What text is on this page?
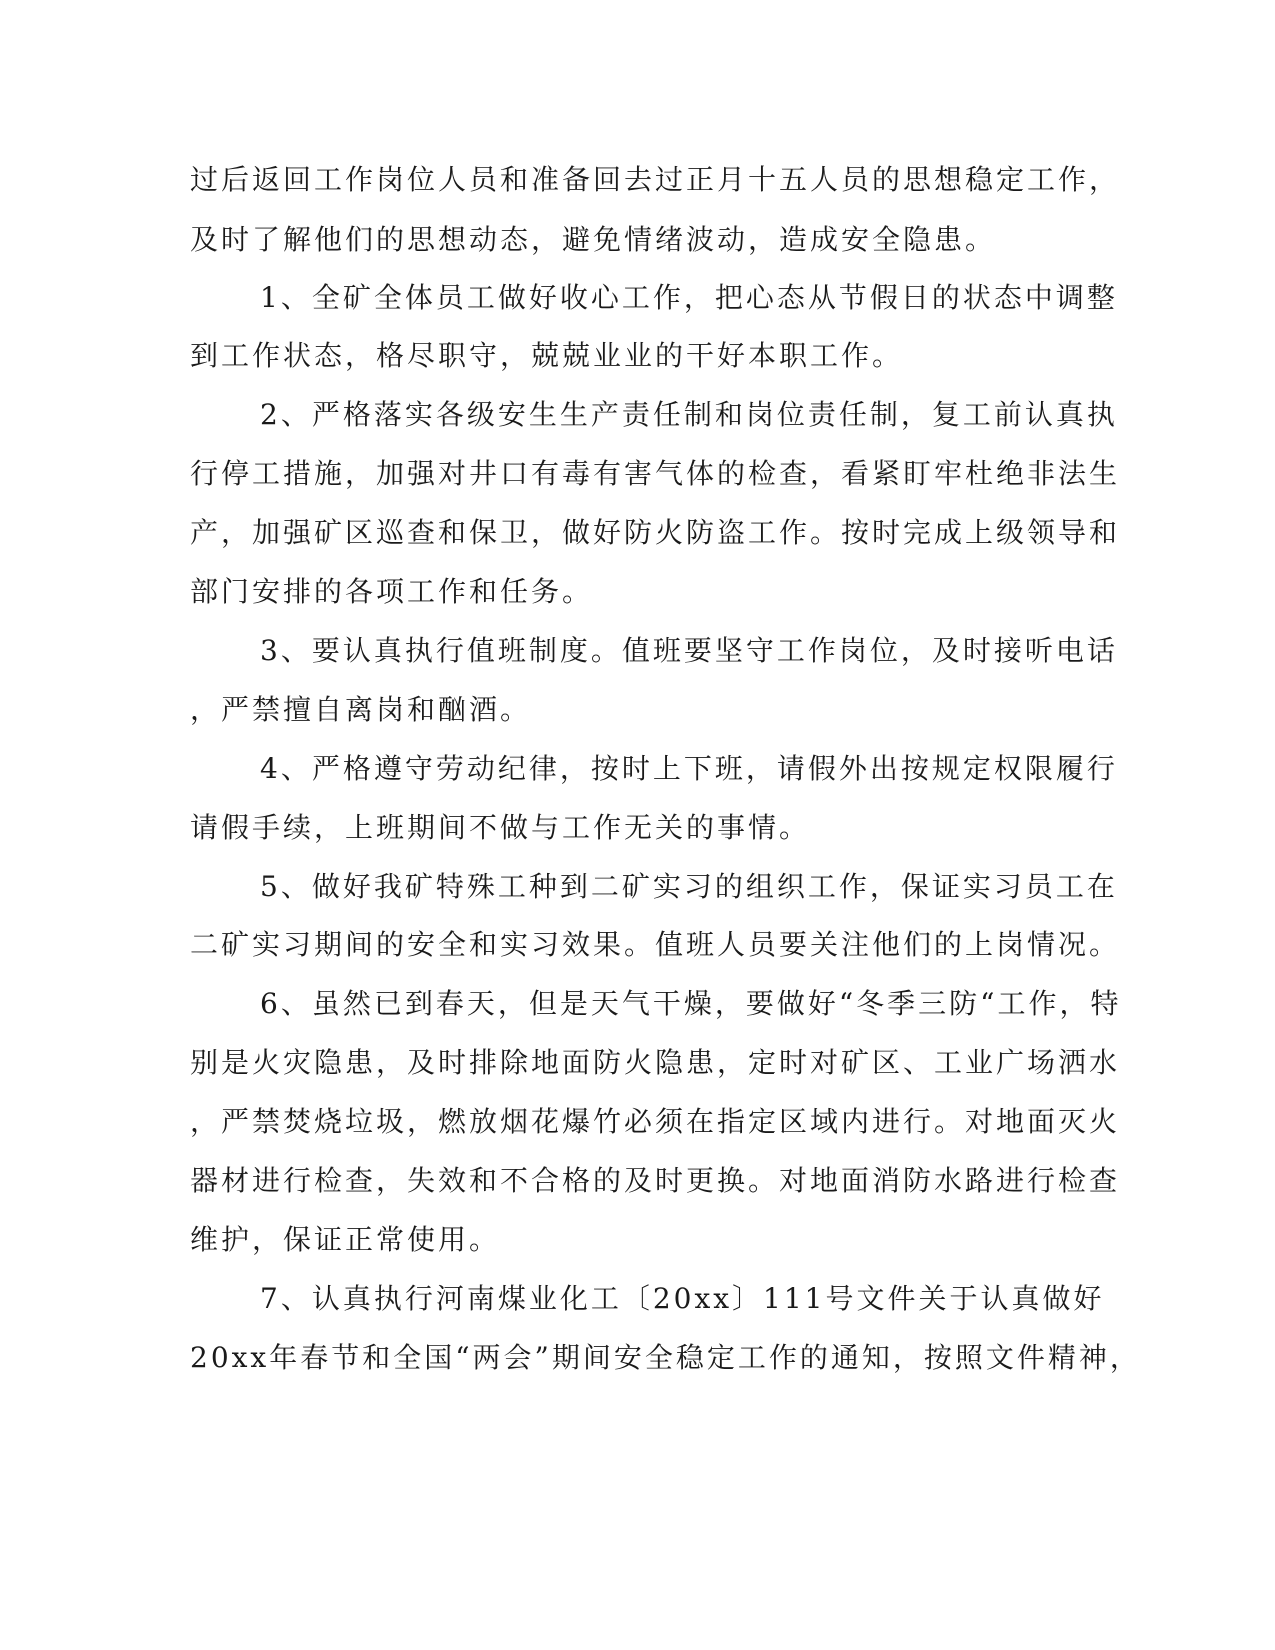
过后返回工作岗位人员和准备回去过正月十五人员的思想稳定工作，
及时了解他们的思想动态，避免情绪波动，造成安全隐患。
1、全矿全体员工做好收心工作，把心态从节假日的状态中调整
到工作状态，格尽职守，兢兢业业的干好本职工作。
2、严格落实各级安生生产责任制和岗位责任制，复工前认真执
行停工措施，加强对井口有毒有害气体的检查，看紧盯牢杜绝非法生
产，加强矿区巡查和保卫，做好防火防盗工作。按时完成上级领导和
部门安排的各项工作和任务。
3、要认真执行值班制度。值班要坚守工作岗位，及时接听电话
，严禁擅自离岗和酗酒。
4、严格遵守劳动纪律，按时上下班，请假外出按规定权限履行
请假手续，上班期间不做与工作无关的事情。
5、做好我矿特殊工种到二矿实习的组织工作，保证实习员工在
二矿实习期间的安全和实习效果。值班人员要关注他们的上岗情况。
6、虽然已到春天，但是天气干燥，要做好“冬季三防“工作，特
别是火灾隐患，及时排除地面防火隐患，定时对矿区、工业广场洒水
，严禁焚烧垃圾，燃放烟花爆竹必须在指定区域内进行。对地面灭火
器材进行检查，失效和不合格的及时更换。对地面消防水路进行检查
维护，保证正常使用。
7、认真执行河南煤业化工〔20xx〕111号文件关于认真做好
20xx年春节和全国“两会”期间安全稳定工作的通知，按照文件精神，
